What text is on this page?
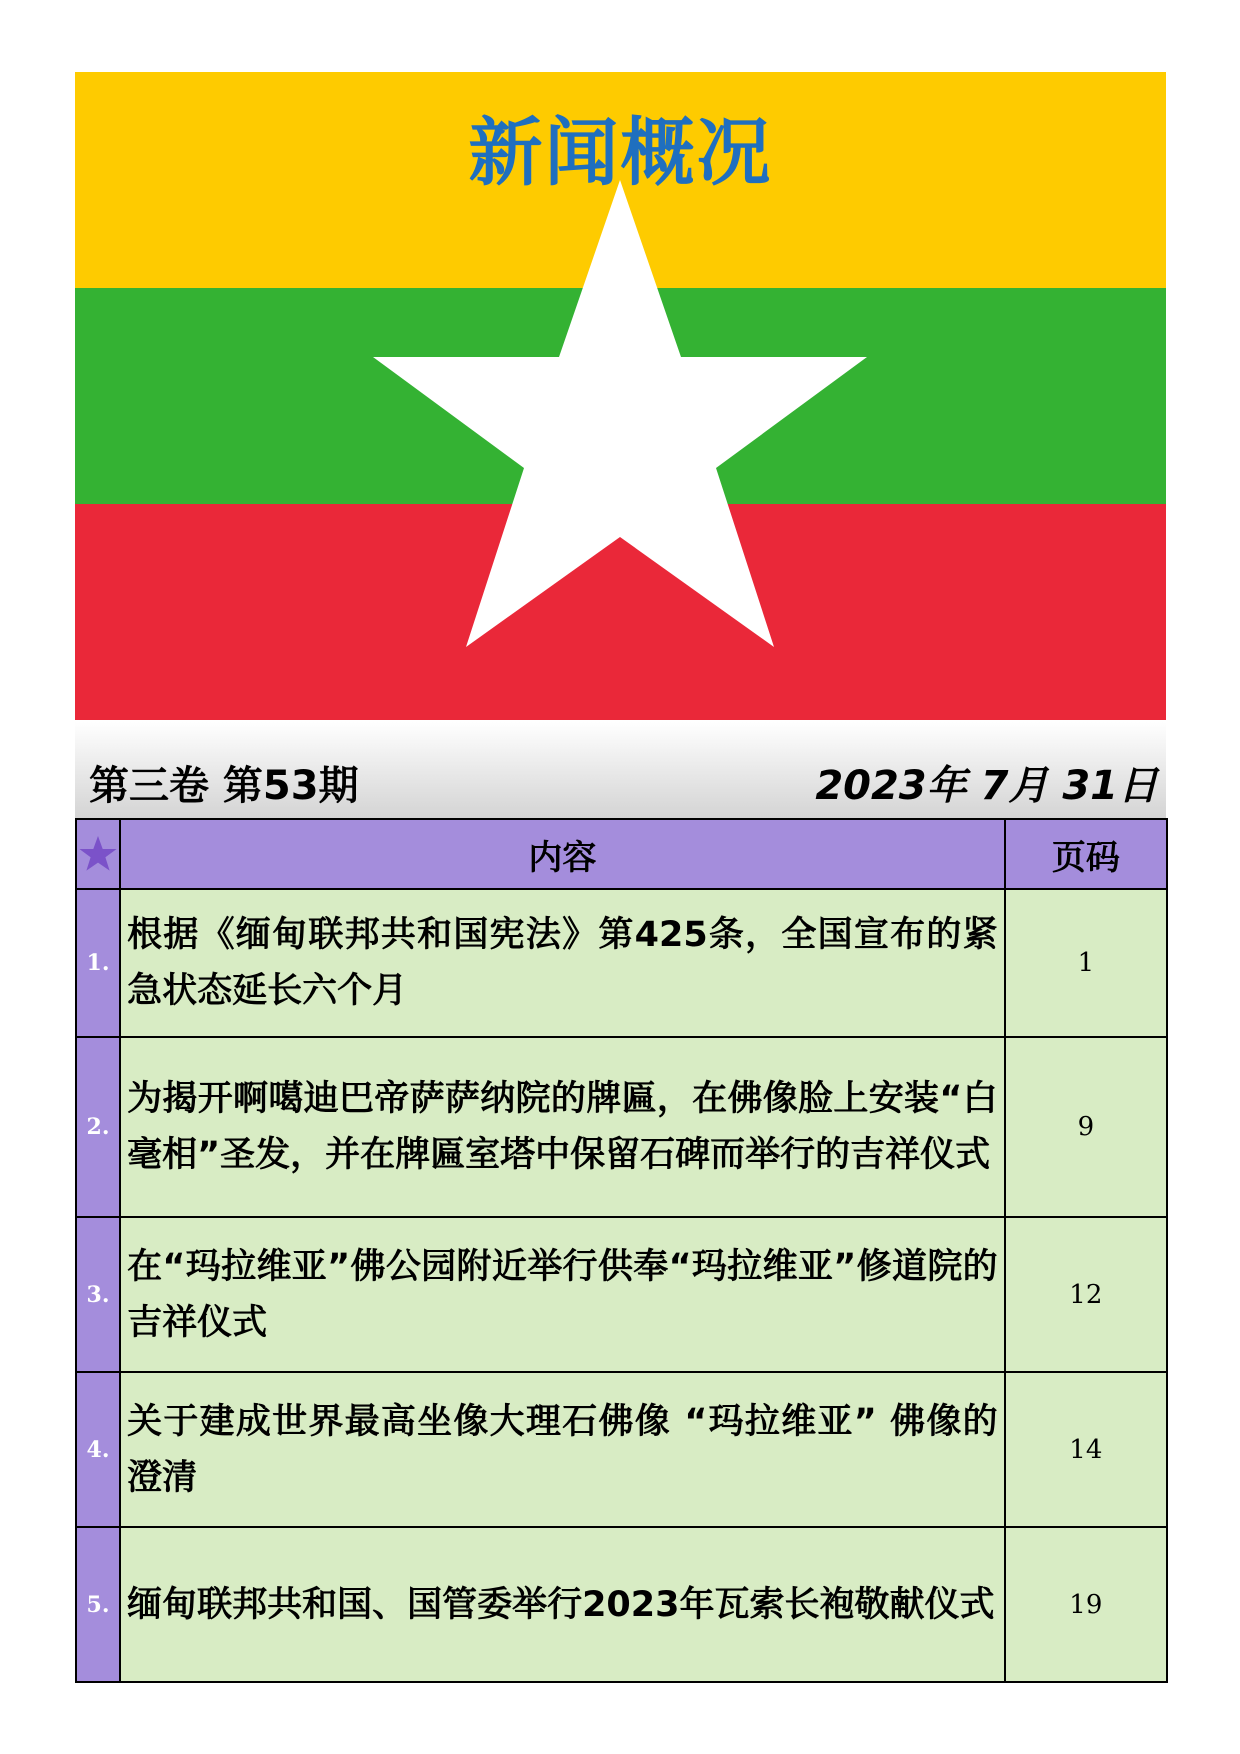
新闻概况
第三卷 第53期	2023年 7月 31日
	内容	页码
1.	根据《缅甸联邦共和国宪法》第425条，全国宣布的紧急状态延长六个月	1
2.	为揭开啊噶迪巴帝萨萨纳院的牌匾，在佛像脸上安装“白毫相”圣发，并在牌匾室塔中保留石碑而举行的吉祥仪式	9
3.	在“玛拉维亚”佛公园附近举行供奉“玛拉维亚”修道院的吉祥仪式	12
4.	关于建成世界最高坐像大理石佛像 “玛拉维亚” 佛像的澄清	14
5.	缅甸联邦共和国、国管委举行2023年瓦索长袍敬献仪式	19
